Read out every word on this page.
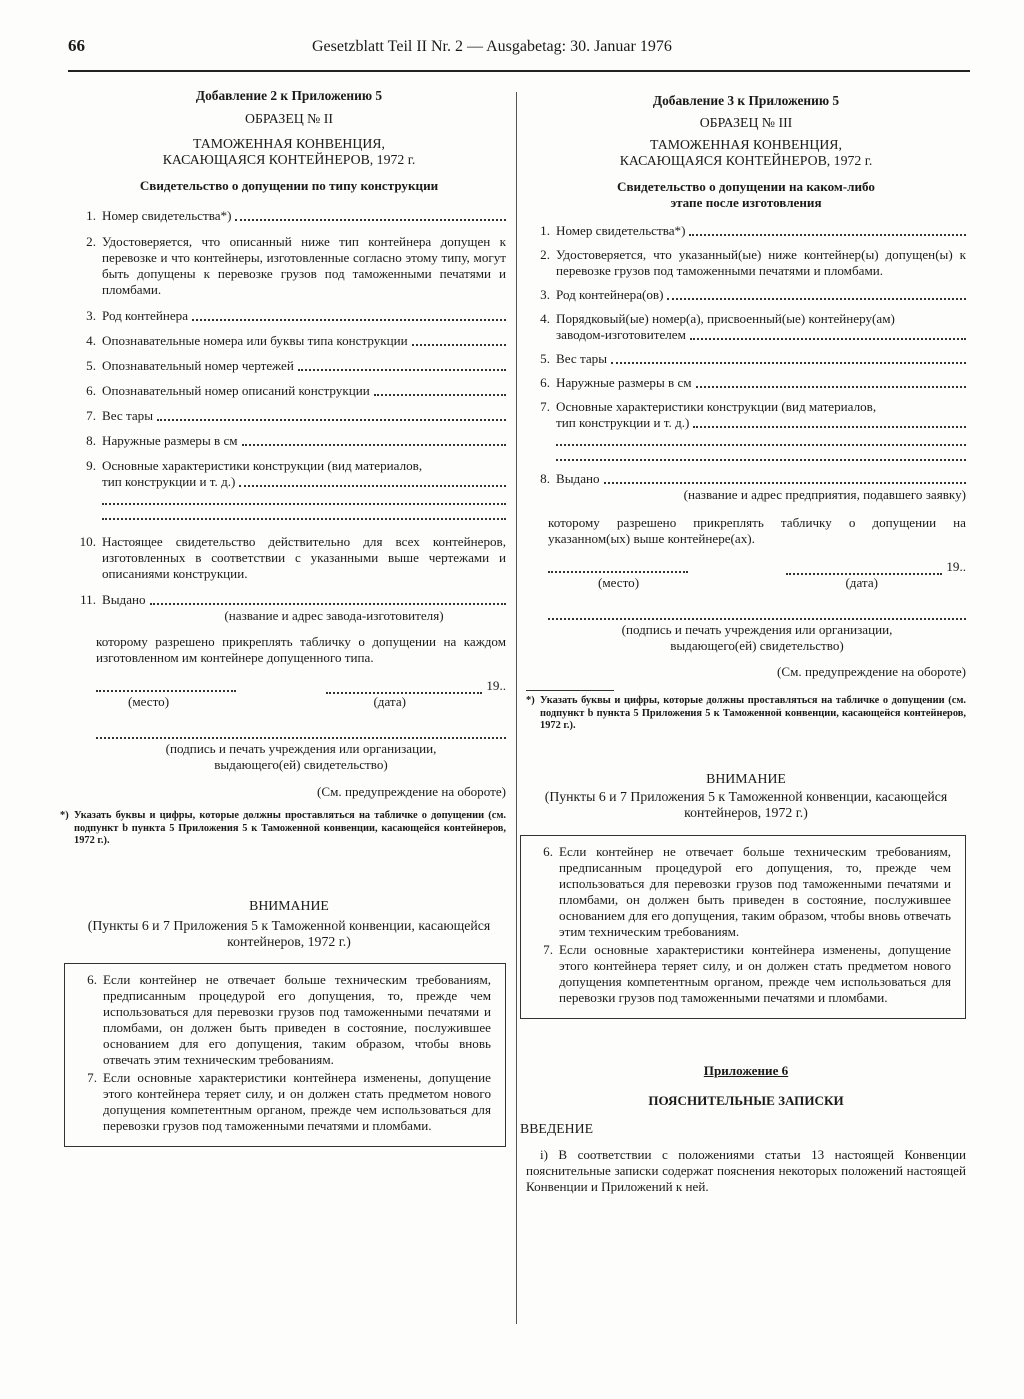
66	Gesetzblatt Teil II Nr. 2 — Ausgabetag: 30. Januar 1976
Добавление 2 к Приложению 5
ОБРАЗЕЦ № II
ТАМОЖЕННАЯ КОНВЕНЦИЯ,
КАСАЮЩАЯСЯ КОНТЕЙНЕРОВ, 1972 г.
Свидетельство о допущении по типу конструкции
1. Номер свидетельства*)
2. Удостоверяется, что описанный ниже тип контейнера допущен к перевозке и что контейнеры, изготовленные согласно этому типу, могут быть допущены к перевозке грузов под таможенными печатями и пломбами.
3. Род контейнера
4. Опознавательные номера или буквы типа конструкции
5. Опознавательный номер чертежей
6. Опознавательный номер описаний конструкции
7. Вес тары
8. Наружные размеры в см
9. Основные характеристики конструкции (вид материалов,
тип конструкции и т. д.)
10. Настоящее свидетельство действительно для всех контейнеров, изготовленных в соответствии с указанными выше чертежами и описаниями конструкции.
11. Выдано
(название и адрес завода-изготовителя)
которому разрешено прикреплять табличку о допущении на каждом изготовленном им контейнере допущенного типа.
19..
(место)	(дата)
(подпись и печать учреждения или организации, выдающего(ей) свидетельство)
(См. предупреждение на обороте)
*) Указать буквы и цифры, которые должны проставляться на табличке о допущении (см. подпункт b пункта 5 Приложения 5 к Таможенной конвенции, касающейся контейнеров, 1972 г.).
ВНИМАНИЕ
(Пункты 6 и 7 Приложения 5 к Таможенной конвенции, касающейся контейнеров, 1972 г.)
6. Если контейнер не отвечает больше техническим требованиям, предписанным процедурой его допущения, то, прежде чем использоваться для перевозки грузов под таможенными печатями и пломбами, он должен быть приведен в состояние, послужившее основанием для его допущения, таким образом, чтобы вновь отвечать этим техническим требованиям.
7. Если основные характеристики контейнера изменены, допущение этого контейнера теряет силу, и он должен стать предметом нового допущения компетентным органом, прежде чем использоваться для перевозки грузов под таможенными печатями и пломбами.
Добавление 3 к Приложению 5
ОБРАЗЕЦ № III
ТАМОЖЕННАЯ КОНВЕНЦИЯ,
КАСАЮЩАЯСЯ КОНТЕЙНЕРОВ, 1972 г.
Свидетельство о допущении на каком-либо
этапе после изготовления
1. Номер свидетельства*)
2. Удостоверяется, что указанный(ые) ниже контейнер(ы) допущен(ы) к перевозке грузов под таможенными печатями и пломбами.
3. Род контейнера(ов)
4. Порядковый(ые) номер(а), присвоенный(ые) контейнеру(ам)
заводом-изготовителем
5. Вес тары
6. Наружные размеры в см
7. Основные характеристики конструкции (вид материалов,
тип конструкции и т. д.)
8. Выдано
(название и адрес предприятия, подавшего заявку)
которому разрешено прикреплять табличку о допущении на указанном(ых) выше контейнере(ах).
19..
(место)	(дата)
(подпись и печать учреждения или организации, выдающего(ей) свидетельство)
(См. предупреждение на обороте)
*) Указать буквы и цифры, которые должны проставляться на табличке о допущении (см. подпункт b пункта 5 Приложения 5 к Таможенной конвенции, касающейся контейнеров, 1972 г.).
ВНИМАНИЕ
(Пункты 6 и 7 Приложения 5 к Таможенной конвенции, касающейся контейнеров, 1972 г.)
6. Если контейнер не отвечает больше техническим требованиям, предписанным процедурой его допущения, то, прежде чем использоваться для перевозки грузов под таможенными печатями и пломбами, он должен быть приведен в состояние, послужившее основанием для его допущения, таким образом, чтобы вновь отвечать этим техническим требованиям.
7. Если основные характеристики контейнера изменены, допущение этого контейнера теряет силу, и он должен стать предметом нового допущения компетентным органом, прежде чем использоваться для перевозки грузов под таможенными печатями и пломбами.
Приложение 6
ПОЯСНИТЕЛЬНЫЕ ЗАПИСКИ
ВВЕДЕНИЕ
i) В соответствии с положениями статьи 13 настоящей Конвенции пояснительные записки содержат пояснения некоторых положений настоящей Конвенции и Приложений к ней.
